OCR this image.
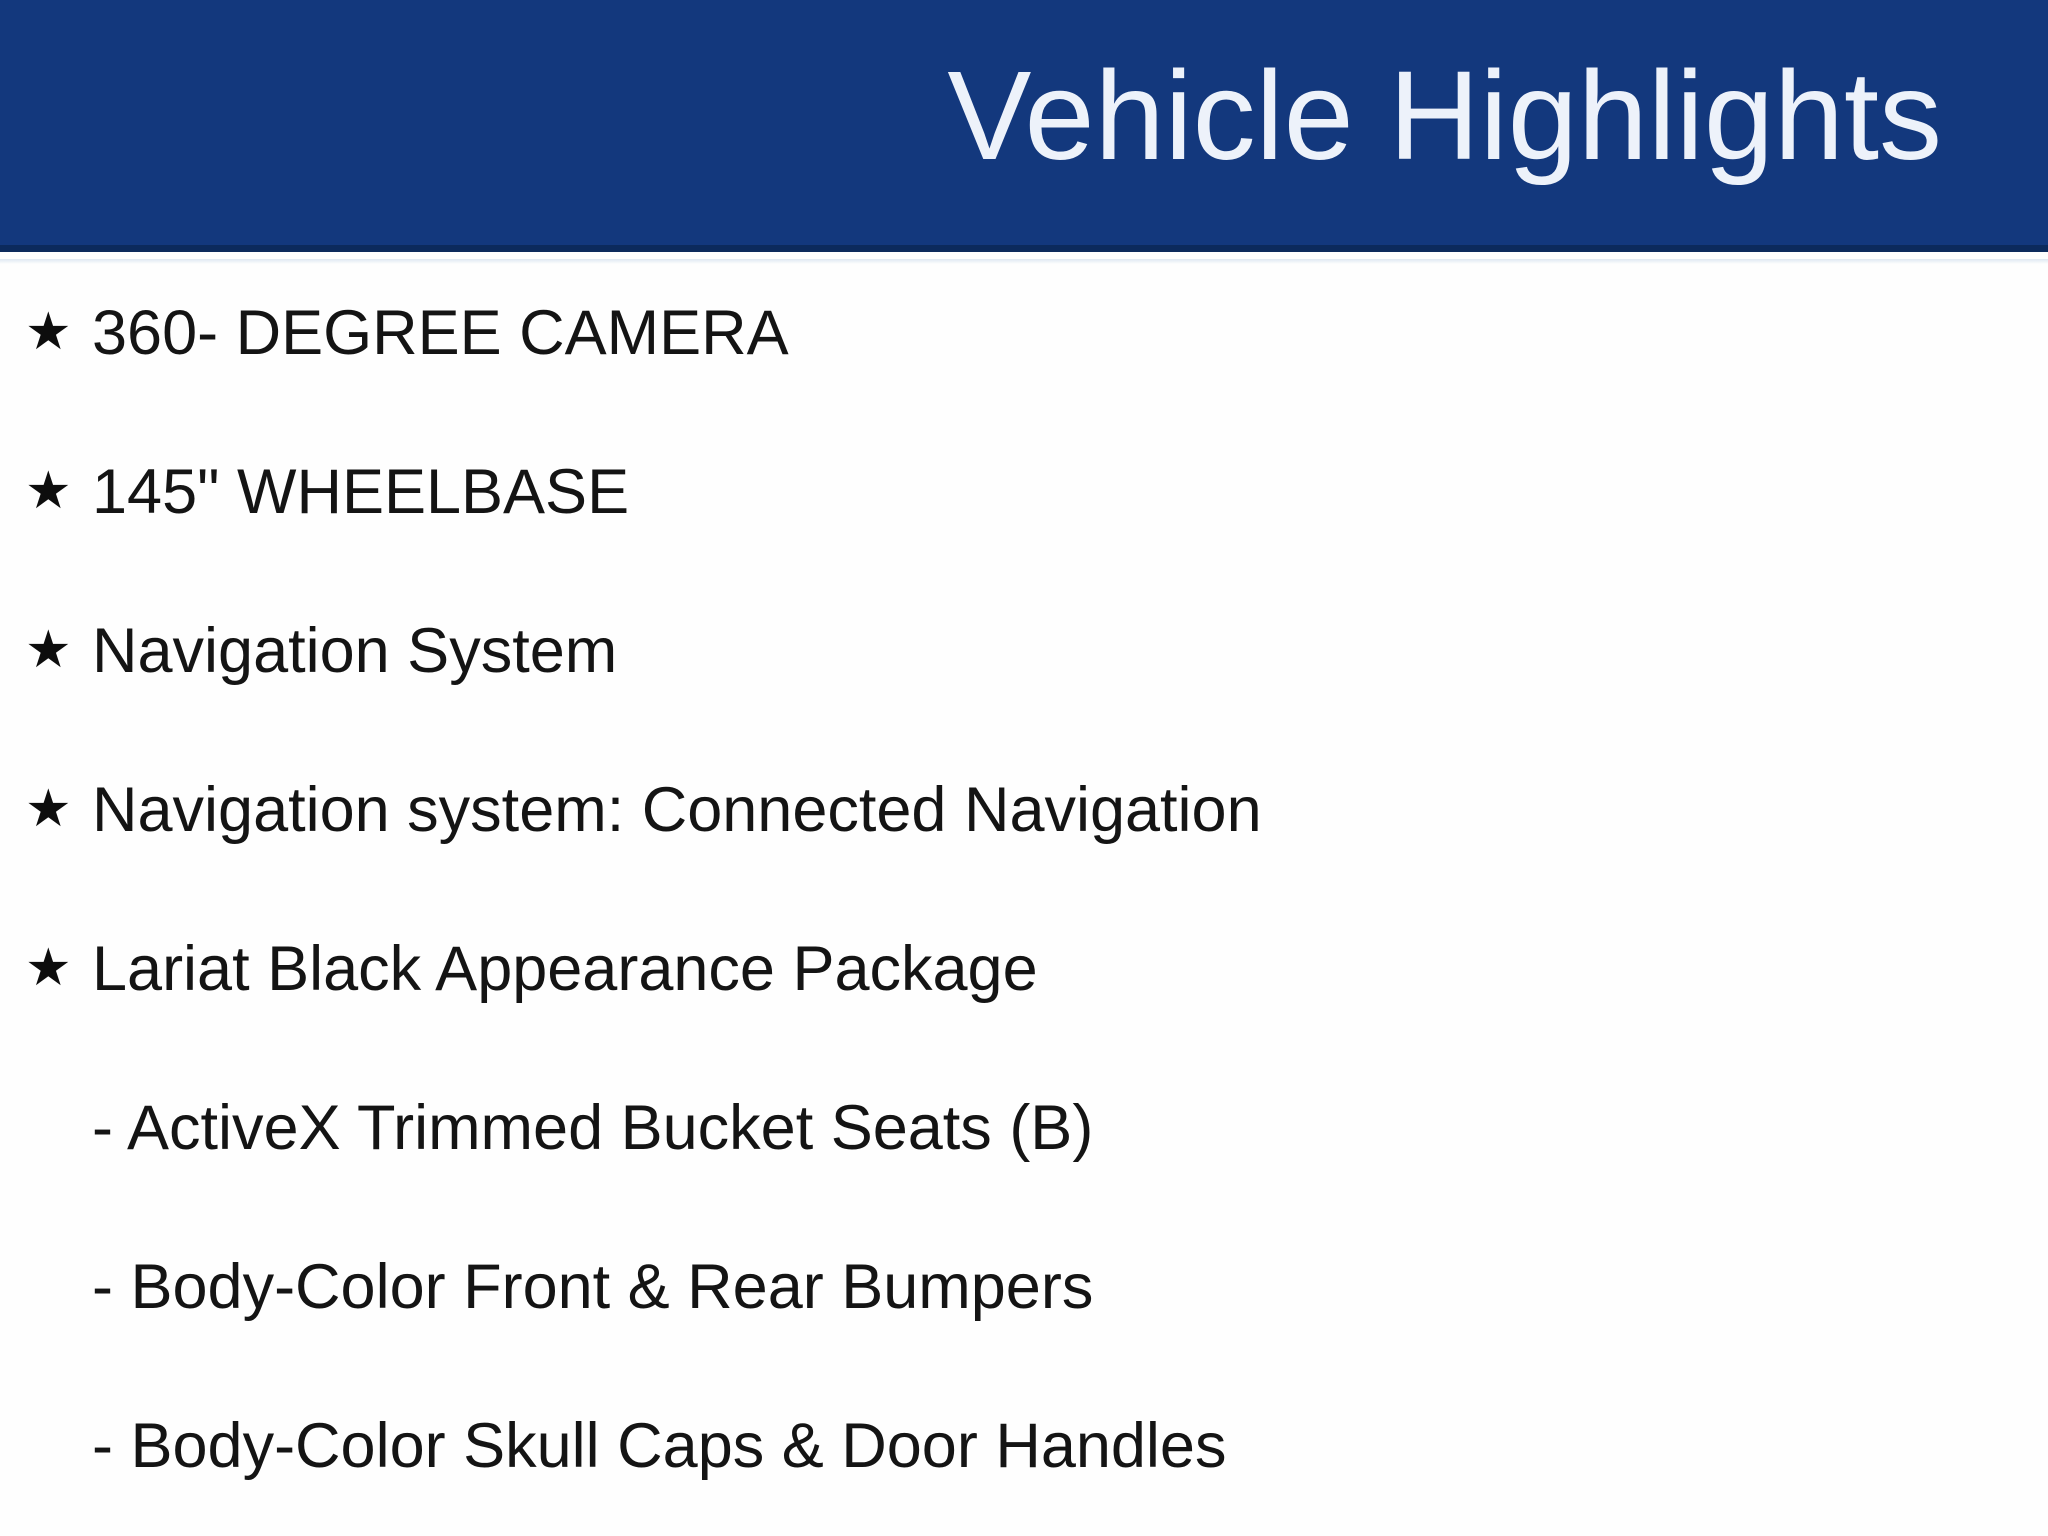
Vehicle Highlights
★ 360- DEGREE CAMERA
★ 145" WHEELBASE
★ Navigation System
★ Navigation system: Connected Navigation
★ Lariat Black Appearance Package
- ActiveX Trimmed Bucket Seats (B)
- Body-Color Front & Rear Bumpers
- Body-Color Skull Caps & Door Handles
